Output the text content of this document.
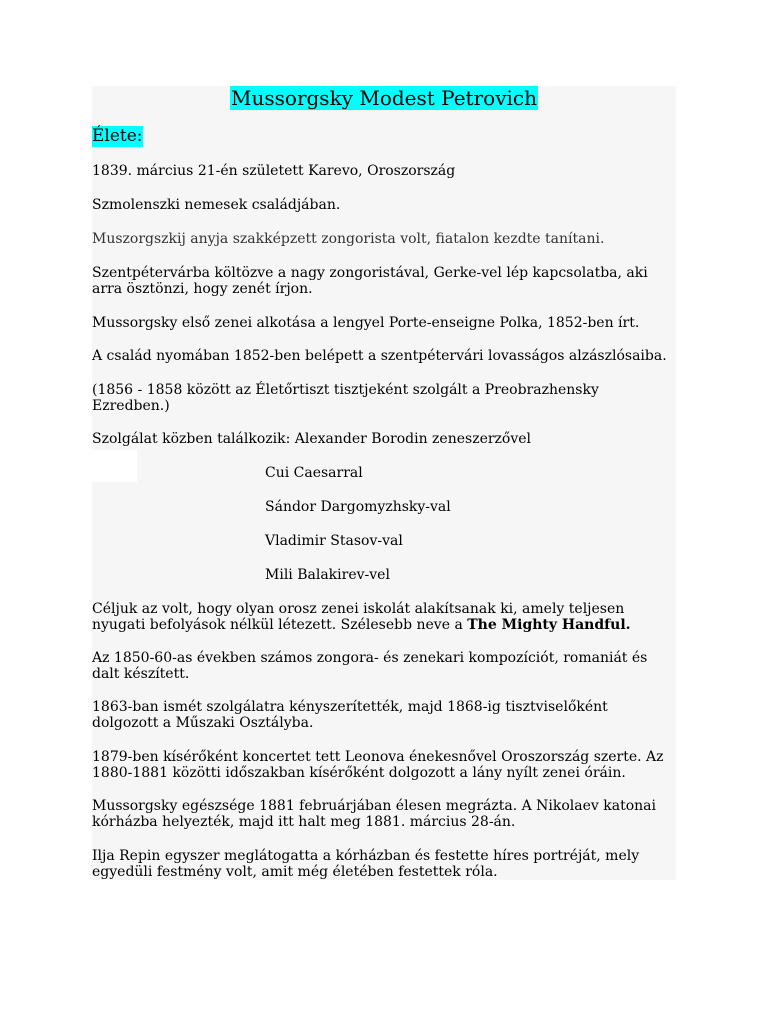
Mussorgsky Modest Petrovich
Élete:

1839. március 21-én született Karevo, Oroszország

Szmolenszki nemesek családjában.

Muszorgszkij anyja szakképzett zongorista volt, fiatalon kezdte tanítani.

Szentpétervárba költözve a nagy zongoristával, Gerke-vel lép kapcsolatba, aki arra ösztönzi, hogy zenét írjon.

Mussorgsky első zenei alkotása a lengyel Porte-enseigne Polka, 1852-ben írt.

A család nyomában 1852-ben belépett a szentpétervári lovasságos alzászlósaiba.

(1856 - 1858 között az Életőrtiszt tisztjeként szolgált a Preobrazhensky Ezredben.)

Szolgálat közben találkozik: Alexander Borodin zeneszerzővel

Cui Caesarral

Sándor Dargomyzhsky-val

Vladimir Stasov-val

Mili Balakirev-vel

Céljuk az volt, hogy olyan orosz zenei iskolát alakítsanak ki, amely teljesen nyugati befolyások nélkül létezett. Szélesebb neve a The Mighty Handful.

Az 1850-60-as években számos zongora- és zenekari kompozíciót, romaniát és dalt készített.

1863-ban ismét szolgálatra kényszerítették, majd 1868-ig tisztviselőként dolgozott a Műszaki Osztályba.

1879-ben kísérőként koncertet tett Leonova énekesnővel Oroszország szerte. Az 1880-1881 közötti időszakban kísérőként dolgozott a lány nyílt zenei óráin.

Mussorgsky egészsége 1881 februárjában élesen megrázta. A Nikolaev katonai kórházba helyezték, majd itt halt meg 1881. március 28-án.

Ilja Repin egyszer meglátogatta a kórházban és festette híres portréját, mely egyedüli festmény volt, amit még életében festettek róla.
